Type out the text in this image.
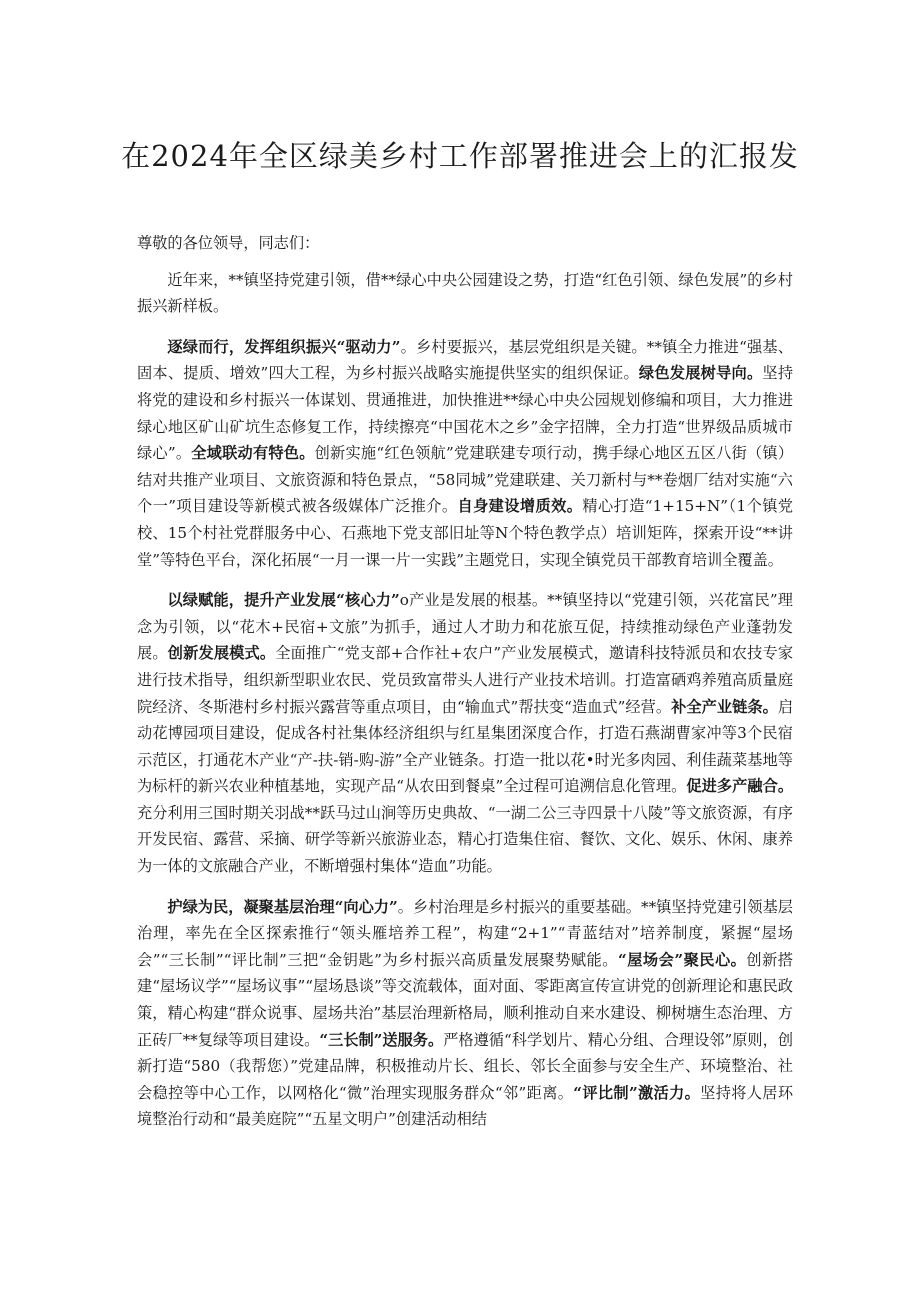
在2024年全区绿美乡村工作部署推进会上的汇报发

尊敬的各位领导，同志们：

近年来，**镇坚持党建引领，借**绿心中央公园建设之势，打造“红色引领、绿色发展”的乡村振兴新样板。

逐绿而行，发挥组织振兴“驱动力”。乡村要振兴，基层党组织是关键。**镇全力推进“强基、固本、提质、增效”四大工程，为乡村振兴战略实施提供坚实的组织保证。绿色发展树导向。坚持将党的建设和乡村振兴一体谋划、贯通推进，加快推进**绿心中央公园规划修编和项目，大力推进绿心地区矿山矿坑生态修复工作，持续擦亮“中国花木之乡”金字招牌，全力打造“世界级品质城市绿心”。全域联动有特色。创新实施“红色领航”党建联建专项行动，携手绿心地区五区八街（镇）结对共推产业项目、文旅资源和特色景点，“58同城”党建联建、关刀新村与**卷烟厂结对实施“六个一”项目建设等新模式被各级媒体广泛推介。自身建设增质效。精心打造“1+15+N”（1个镇党校、15个村社党群服务中心、石燕地下党支部旧址等N个特色教学点）培训矩阵，探索开设“**讲堂”等特色平台，深化拓展“一月一课一片一实践”主题党日，实现全镇党员干部教育培训全覆盖。

以绿赋能，提升产业发展“核心力”o产业是发展的根基。**镇坚持以“党建引领，兴花富民”理念为引领，以“花木+民宿+文旅”为抓手，通过人才助力和花旅互促，持续推动绿色产业蓬勃发展。创新发展模式。全面推广“党支部+合作社+农户”产业发展模式，邀请科技特派员和农技专家进行技术指导，组织新型职业农民、党员致富带头人进行产业技术培训。打造富硒鸡养殖高质量庭院经济、冬斯港村乡村振兴露营等重点项目，由“输血式”帮扶变“造血式”经营。补全产业链条。启动花博园项目建设，促成各村社集体经济组织与红星集团深度合作，打造石燕湖曹家冲等3个民宿示范区，打通花木产业“产-扶-销-购-游”全产业链条。打造一批以花•时光多肉园、利佳蔬菜基地等为标杆的新兴农业种植基地，实现产品“从农田到餐桌”全过程可追溯信息化管理。促进多产融合。充分利用三国时期关羽战**跃马过山涧等历史典故、“一湖二公三寺四景十八陵”等文旅资源，有序开发民宿、露营、采摘、研学等新兴旅游业态，精心打造集住宿、餐饮、文化、娱乐、休闲、康养为一体的文旅融合产业，不断增强村集体“造血”功能。

护绿为民，凝聚基层治理“向心力”。乡村治理是乡村振兴的重要基础。**镇坚持党建引领基层治理，率先在全区探索推行“领头雁培养工程”，构建“2+1”“青蓝结对”培养制度，紧握“屋场会”“三长制”“评比制”三把“金钥匙”为乡村振兴高质量发展聚势赋能。“屋场会”聚民心。创新搭建“屋场议学”“屋场议事”“屋场恳谈”等交流载体，面对面、零距离宣传宣讲党的创新理论和惠民政策，精心构建“群众说事、屋场共治”基层治理新格局，顺利推动自来水建设、柳树塘生态治理、方正砖厂**复绿等项目建设。“三长制”送服务。严格遵循“科学划片、精心分组、合理设邻”原则，创新打造“580（我帮您）”党建品牌，积极推动片长、组长、邻长全面参与安全生产、环境整治、社会稳控等中心工作，以网格化“微”治理实现服务群众“邻”距离。“评比制”激活力。坚持将人居环境整治行动和“最美庭院”“五星文明户”创建活动相结
